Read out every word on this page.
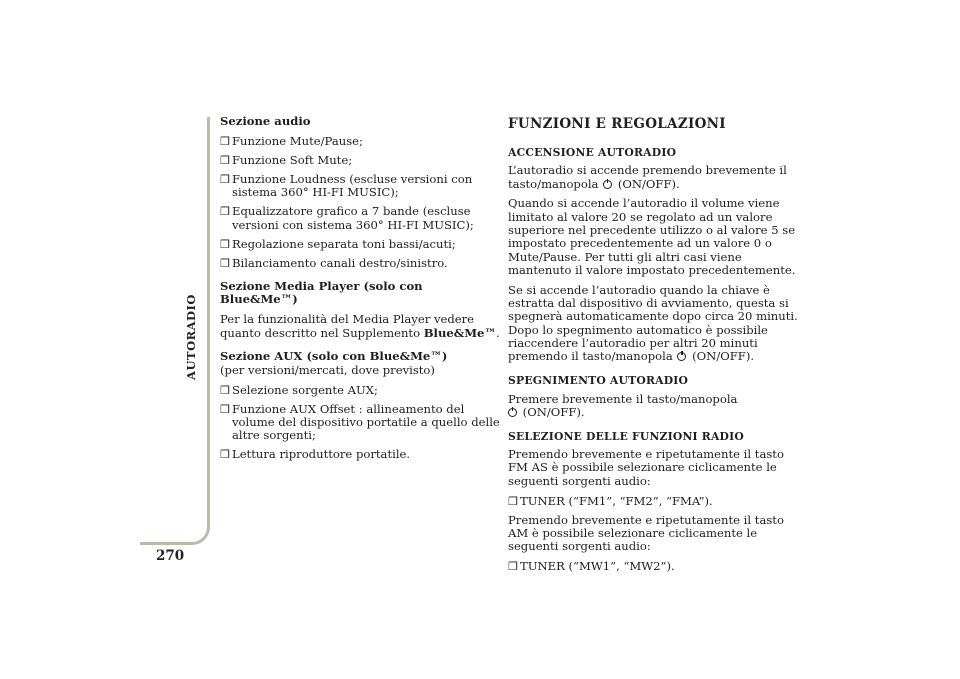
AUTORADIO
270

Sezione audio

❒ Funzione Mute/Pause;
❒ Funzione Soft Mute;
❒ Funzione Loudness (escluse versioni con sistema 360° HI-FI MUSIC);
❒ Equalizzatore grafico a 7 bande (escluse versioni con sistema 360° HI-FI MUSIC);
❒ Regolazione separata toni bassi/acuti;
❒ Bilanciamento canali destro/sinistro.

Sezione Media Player (solo con Blue&Me™)

Per la funzionalità del Media Player vedere quanto descritto nel Supplemento Blue&Me™.

Sezione AUX (solo con Blue&Me™)

(per versioni/mercati, dove previsto)

❒ Selezione sorgente AUX;
❒ Funzione AUX Offset : allineamento del volume del dispositivo portatile a quello delle altre sorgenti;
❒ Lettura riproduttore portatile.
FUNZIONI E REGOLAZIONI
ACCENSIONE AUTORADIO

L’autoradio si accende premendo brevemente il tasto/manopola  (ON/OFF).

Quando si accende l’autoradio il volume viene limitato al valore 20 se regolato ad un valore superiore nel precedente utilizzo o al valore 5 se impostato precedentemente ad un valore 0 o Mute/Pause. Per tutti gli altri casi viene mantenuto il valore impostato precedentemente.

Se si accende l’autoradio quando la chiave è estratta dal dispositivo di avviamento, questa si spegnerà automaticamente dopo circa 20 minuti. Dopo lo spegnimento automatico è possibile riaccendere l’autoradio per altri 20 minuti premendo il tasto/manopola  (ON/OFF).

SPEGNIMENTO AUTORADIO

Premere brevemente il tasto/manopola
(ON/OFF).

SELEZIONE DELLE FUNZIONI RADIO

Premendo brevemente e ripetutamente il tasto FM AS è possibile selezionare ciclicamente le seguenti sorgenti audio:

❒ TUNER (“FM1”, “FM2”, “FMA”).

Premendo brevemente e ripetutamente il tasto AM è possibile selezionare ciclicamente le seguenti sorgenti audio:

❒ TUNER (“MW1”, “MW2”).
